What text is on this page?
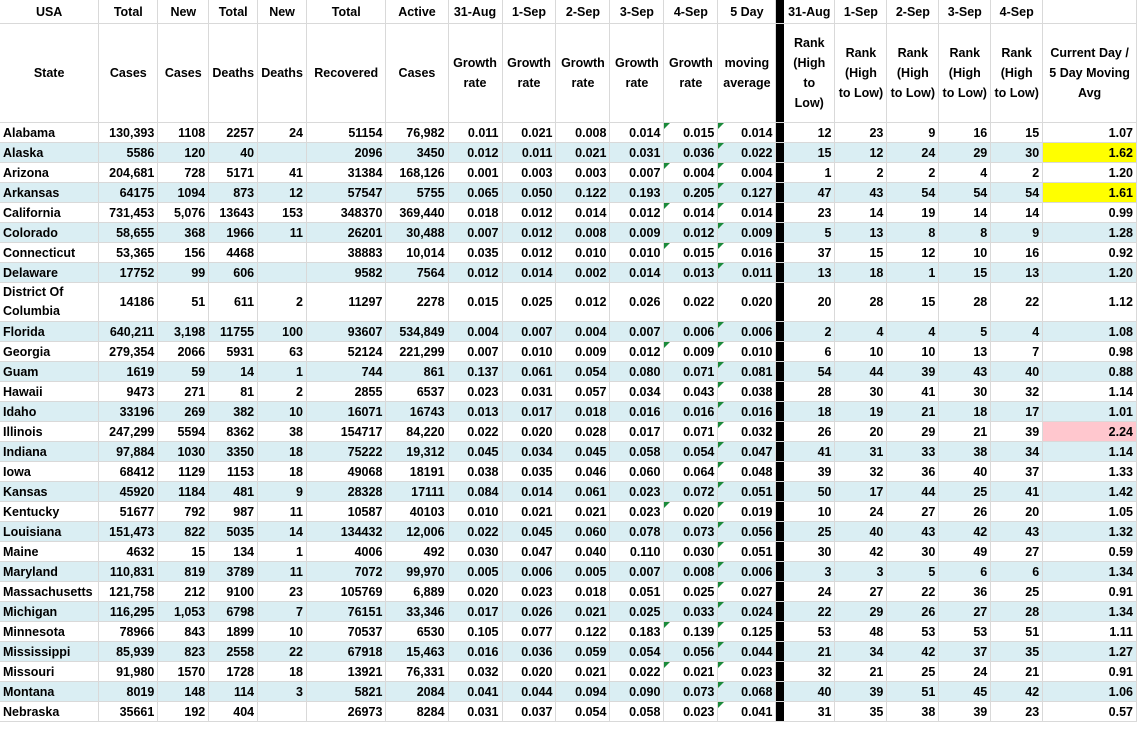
USA	Total	New	Total	New	Total	Active	31-Aug	1-Sep	2-Sep	3-Sep	4-Sep	5 Day		31-Aug	1-Sep	2-Sep	3-Sep	4-Sep	
State	Cases	Cases	Deaths	Deaths	Recovered	Cases	Growth rate	Growth rate	Growth rate	Growth rate	Growth rate	moving average		Rank (High to Low)	Rank (High to Low)	Rank (High to Low)	Rank (High to Low)	Rank (High to Low)	Current Day / 5 Day Moving Avg
Alabama	130,393	1108	2257	24	51154	76,982	0.011	0.021	0.008	0.014	0.015	0.014		12	23	9	16	15	1.07
Alaska	5586	120	40		2096	3450	0.012	0.011	0.021	0.031	0.036	0.022		15	12	24	29	30	1.62
Arizona	204,681	728	5171	41	31384	168,126	0.001	0.003	0.003	0.007	0.004	0.004		1	2	2	4	2	1.20
Arkansas	64175	1094	873	12	57547	5755	0.065	0.050	0.122	0.193	0.205	0.127		47	43	54	54	54	1.61
California	731,453	5,076	13643	153	348370	369,440	0.018	0.012	0.014	0.012	0.014	0.014		23	14	19	14	14	0.99
Colorado	58,655	368	1966	11	26201	30,488	0.007	0.012	0.008	0.009	0.012	0.009		5	13	8	8	9	1.28
Connecticut	53,365	156	4468		38883	10,014	0.035	0.012	0.010	0.010	0.015	0.016		37	15	12	10	16	0.92
Delaware	17752	99	606		9582	7564	0.012	0.014	0.002	0.014	0.013	0.011		13	18	1	15	13	1.20
District Of Columbia	14186	51	611	2	11297	2278	0.015	0.025	0.012	0.026	0.022	0.020		20	28	15	28	22	1.12
Florida	640,211	3,198	11755	100	93607	534,849	0.004	0.007	0.004	0.007	0.006	0.006		2	4	4	5	4	1.08
Georgia	279,354	2066	5931	63	52124	221,299	0.007	0.010	0.009	0.012	0.009	0.010		6	10	10	13	7	0.98
Guam	1619	59	14	1	744	861	0.137	0.061	0.054	0.080	0.071	0.081		54	44	39	43	40	0.88
Hawaii	9473	271	81	2	2855	6537	0.023	0.031	0.057	0.034	0.043	0.038		28	30	41	30	32	1.14
Idaho	33196	269	382	10	16071	16743	0.013	0.017	0.018	0.016	0.016	0.016		18	19	21	18	17	1.01
Illinois	247,299	5594	8362	38	154717	84,220	0.022	0.020	0.028	0.017	0.071	0.032		26	20	29	21	39	2.24
Indiana	97,884	1030	3350	18	75222	19,312	0.045	0.034	0.045	0.058	0.054	0.047		41	31	33	38	34	1.14
Iowa	68412	1129	1153	18	49068	18191	0.038	0.035	0.046	0.060	0.064	0.048		39	32	36	40	37	1.33
Kansas	45920	1184	481	9	28328	17111	0.084	0.014	0.061	0.023	0.072	0.051		50	17	44	25	41	1.42
Kentucky	51677	792	987	11	10587	40103	0.010	0.021	0.021	0.023	0.020	0.019		10	24	27	26	20	1.05
Louisiana	151,473	822	5035	14	134432	12,006	0.022	0.045	0.060	0.078	0.073	0.056		25	40	43	42	43	1.32
Maine	4632	15	134	1	4006	492	0.030	0.047	0.040	0.110	0.030	0.051		30	42	30	49	27	0.59
Maryland	110,831	819	3789	11	7072	99,970	0.005	0.006	0.005	0.007	0.008	0.006		3	3	5	6	6	1.34
Massachusetts	121,758	212	9100	23	105769	6,889	0.020	0.023	0.018	0.051	0.025	0.027		24	27	22	36	25	0.91
Michigan	116,295	1,053	6798	7	76151	33,346	0.017	0.026	0.021	0.025	0.033	0.024		22	29	26	27	28	1.34
Minnesota	78966	843	1899	10	70537	6530	0.105	0.077	0.122	0.183	0.139	0.125		53	48	53	53	51	1.11
Mississippi	85,939	823	2558	22	67918	15,463	0.016	0.036	0.059	0.054	0.056	0.044		21	34	42	37	35	1.27
Missouri	91,980	1570	1728	18	13921	76,331	0.032	0.020	0.021	0.022	0.021	0.023		32	21	25	24	21	0.91
Montana	8019	148	114	3	5821	2084	0.041	0.044	0.094	0.090	0.073	0.068		40	39	51	45	42	1.06
Nebraska	35661	192	404		26973	8284	0.031	0.037	0.054	0.058	0.023	0.041		31	35	38	39	23	0.57
